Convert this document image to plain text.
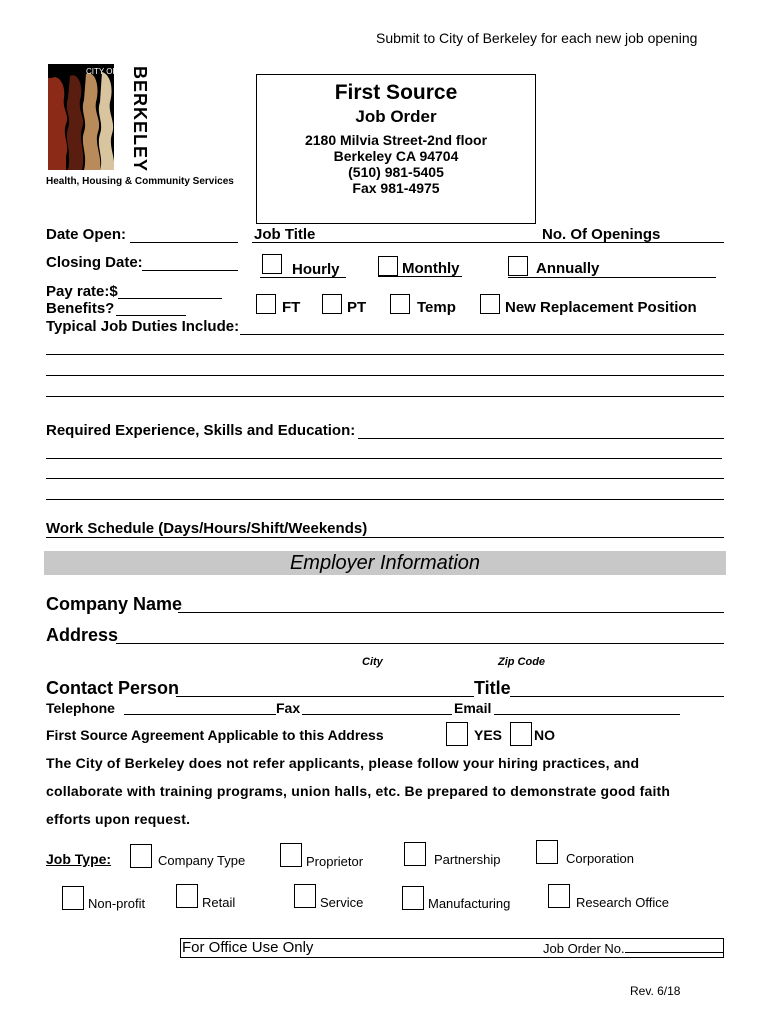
Submit to City of Berkeley for each new job opening
CITY OF BERKELEY
Health, Housing & Community Services
First Source
Job Order
2180 Milvia Street-2nd floor
Berkeley CA 94704
(510) 981-5405
Fax 981-4975
Date Open:	Job Title	No. Of Openings
Closing Date:	Hourly	Monthly	Annually
Pay rate:$
Benefits?	FT	PT	Temp	New Replacement Position
Typical Job Duties Include:
Required Experience, Skills and Education:
Work Schedule (Days/Hours/Shift/Weekends)
Employer Information
Company Name
Address
City	Zip Code
Contact Person	Title
Telephone	Fax	Email
First Source Agreement Applicable to this Address	YES NO
The City of Berkeley does not refer applicants, please follow your hiring practices, and
collaborate with training programs, union halls, etc. Be prepared to demonstrate good faith
efforts upon request.
Job Type:	Company Type	Proprietor	Partnership	Corporation
Non-profit	Retail	Service	Manufacturing	Research Office
For Office Use Only	Job Order No.
Rev. 6/18
